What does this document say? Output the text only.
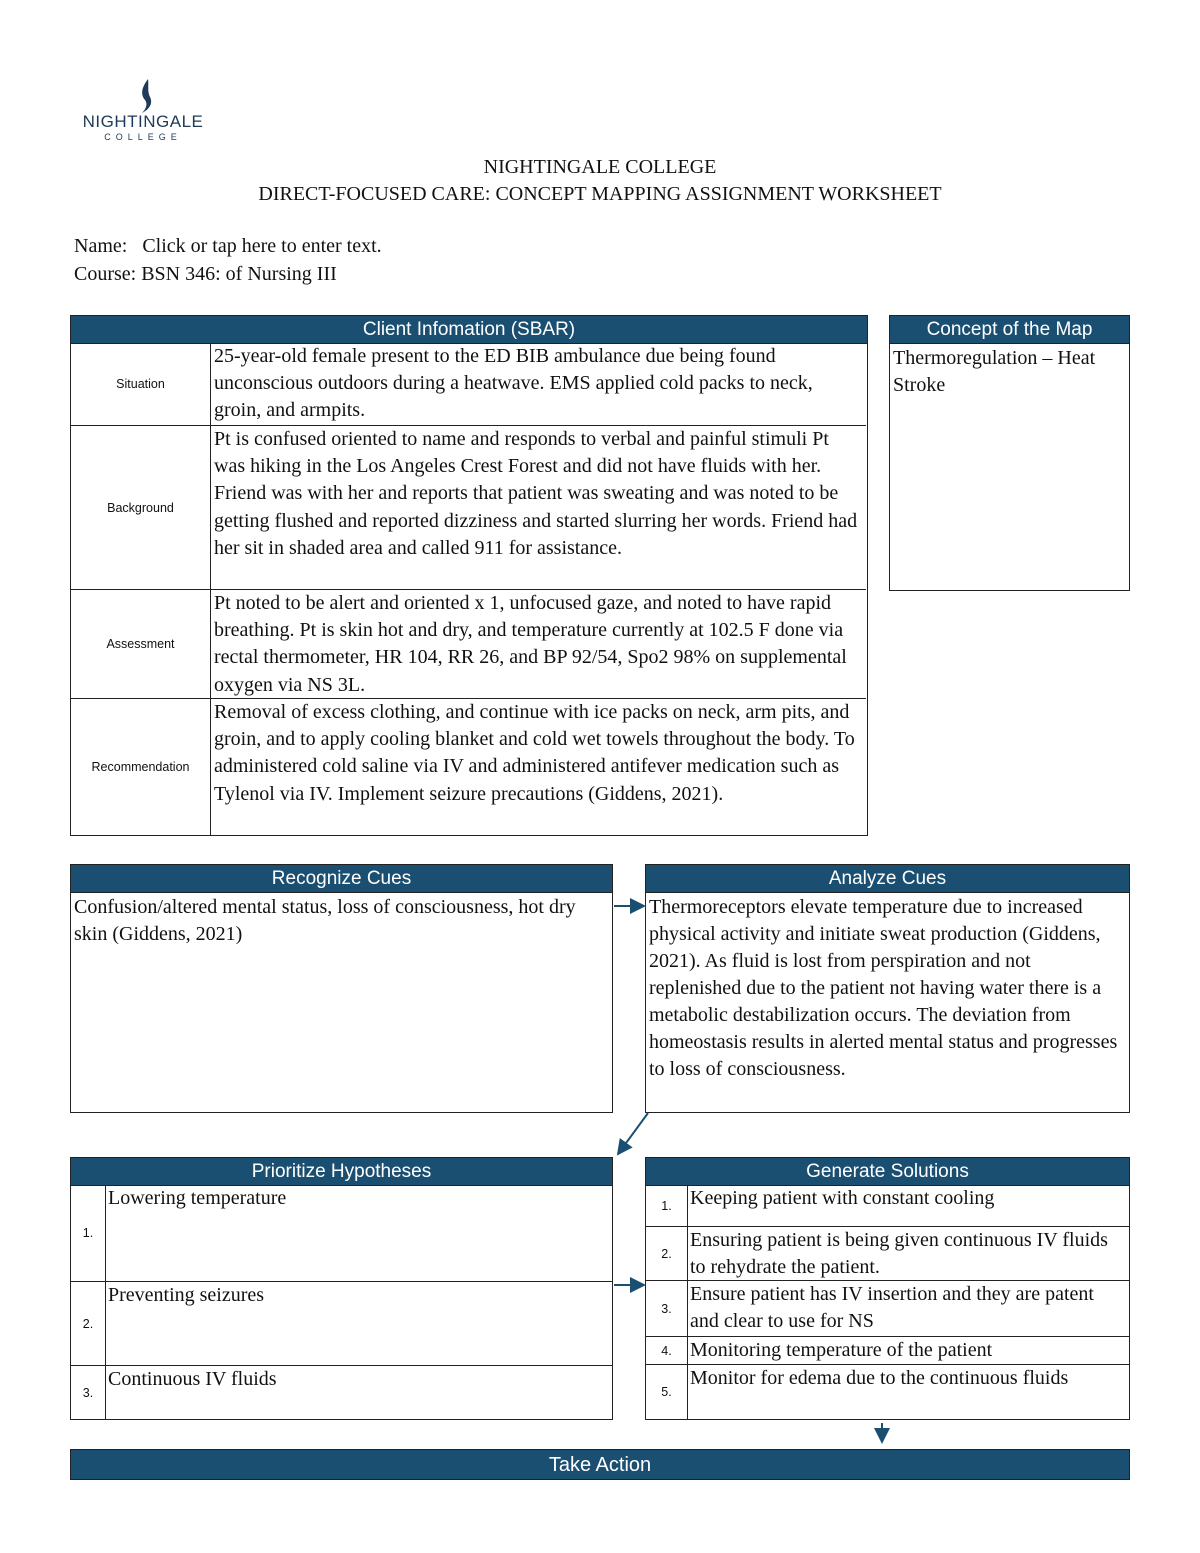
NIGHTINGALE
COLLEGE
NIGHTINGALE COLLEGE
DIRECT-FOCUSED CARE: CONCEPT MAPPING ASSIGNMENT WORKSHEET
Name: Click or tap here to enter text.
Course: BSN 346: of Nursing III
Client Infomation (SBAR)
Situation
25-year-old female present to the ED BIB ambulance due being found unconscious outdoors during a heatwave. EMS applied cold packs to neck, groin, and armpits.
Background
Pt is confused oriented to name and responds to verbal and painful stimuli Pt was hiking in the Los Angeles Crest Forest and did not have fluids with her. Friend was with her and reports that patient was sweating and was noted to be getting flushed and reported dizziness and started slurring her words. Friend had her sit in shaded area and called 911 for assistance.
Assessment
Pt noted to be alert and oriented x 1, unfocused gaze, and noted to have rapid breathing. Pt is skin hot and dry, and temperature currently at 102.5 F done via rectal thermometer, HR 104, RR 26, and BP 92/54, Spo2 98% on supplemental oxygen via NS 3L.
Recommendation
Removal of excess clothing, and continue with ice packs on neck, arm pits, and groin, and to apply cooling blanket and cold wet towels throughout the body. To administered cold saline via IV and administered antifever medication such as Tylenol via IV. Implement seizure precautions (Giddens, 2021).
Concept of the Map
Thermoregulation – Heat Stroke
Recognize Cues
Confusion/altered mental status, loss of consciousness, hot dry skin (Giddens, 2021)
Analyze Cues
Thermoreceptors elevate temperature due to increased physical activity and initiate sweat production (Giddens, 2021). As fluid is lost from perspiration and not replenished due to the patient not having water there is a metabolic destabilization occurs. The deviation from homeostasis results in alerted mental status and progresses to loss of consciousness.
Prioritize Hypotheses
1.
Lowering temperature
2.
Preventing seizures
3.
Continuous IV fluids
Generate Solutions
1. Keeping patient with constant cooling
2.
Ensuring patient is being given continuous IV fluids to rehydrate the patient.
3.
Ensure patient has IV insertion and they are patent and clear to use for NS
4. Monitoring temperature of the patient
5.
Monitor for edema due to the continuous fluids
Take Action
